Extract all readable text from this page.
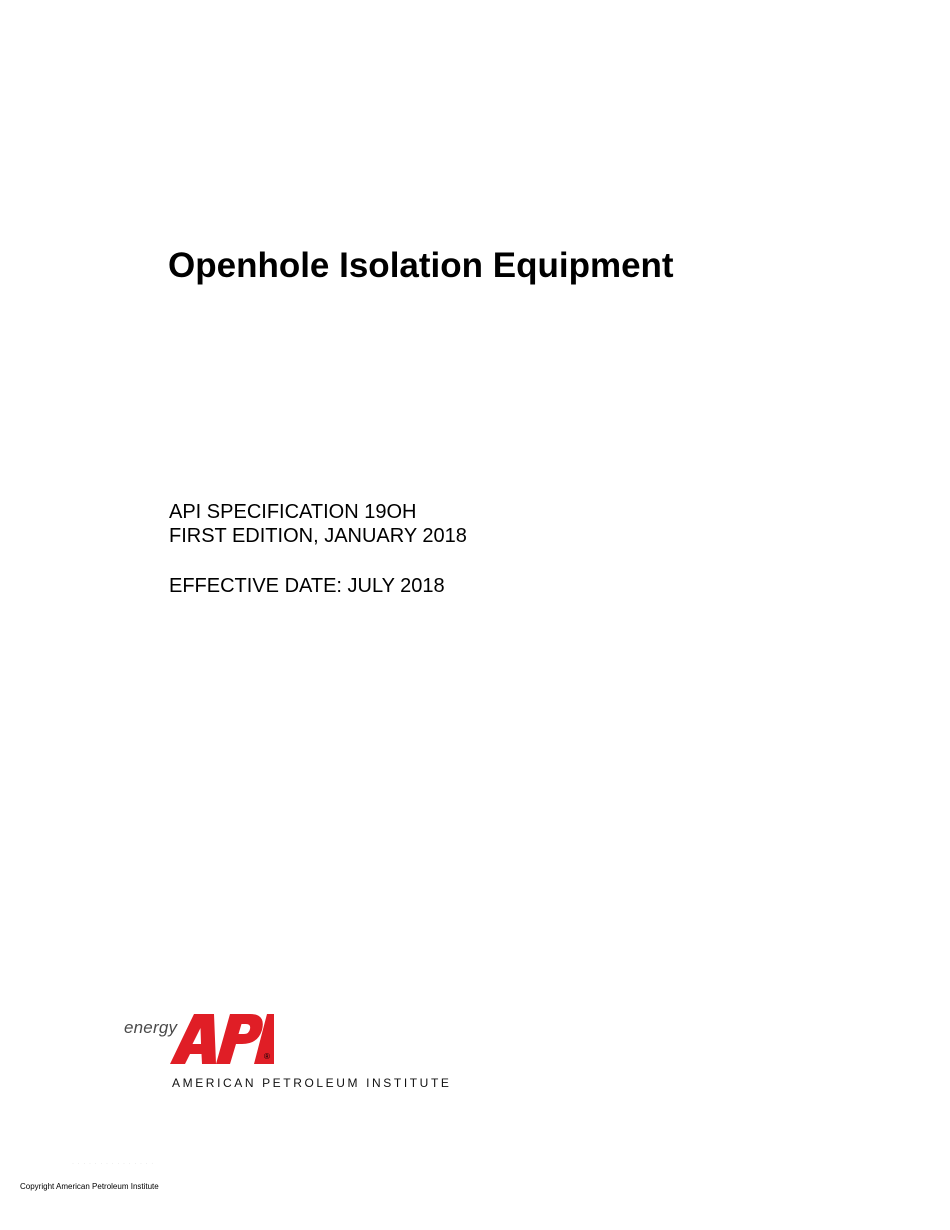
Openhole Isolation Equipment
API SPECIFICATION 19OH
FIRST EDITION, JANUARY 2018
EFFECTIVE DATE: JULY 2018
energy
®
AMERICAN PETROLEUM INSTITUTE
· · · · · · · · · · · · · · ·
Copyright American Petroleum Institute
